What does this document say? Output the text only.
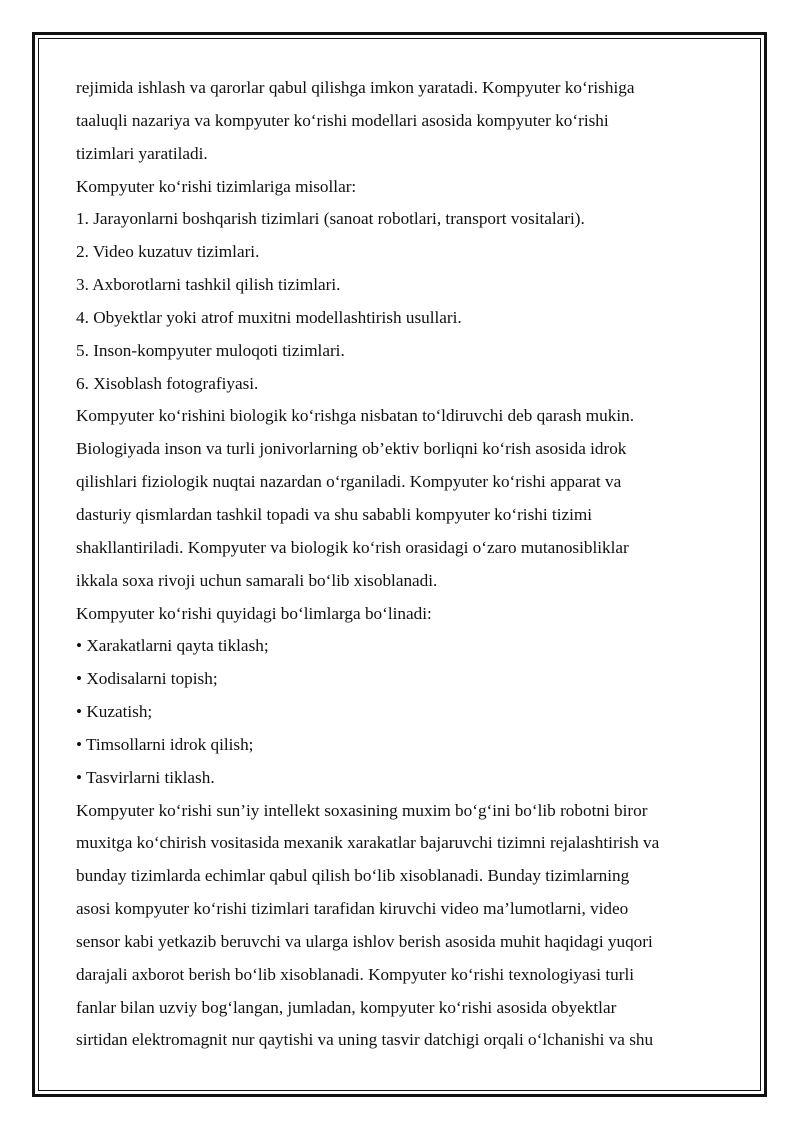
rejimida ishlash va qarorlar qabul qilishga imkon yaratadi. Kompyuter ko‘rishiga
taaluqli nazariya va kompyuter ko‘rishi modellari asosida kompyuter ko‘rishi
tizimlari yaratiladi.
Kompyuter ko‘rishi tizimlariga misollar:
1. Jarayonlarni boshqarish tizimlari (sanoat robotlari, transport vositalari).
2. Video kuzatuv tizimlari.
3. Axborotlarni tashkil qilish tizimlari.
4. Obyektlar yoki atrof muxitni modellashtirish usullari.
5. Inson-kompyuter muloqoti tizimlari.
6. Xisoblash fotografiyasi.
Kompyuter ko‘rishini biologik ko‘rishga nisbatan to‘ldiruvchi deb qarash mukin.
Biologiyada inson va turli jonivorlarning ob’ektiv borliqni ko‘rish asosida idrok
qilishlari fiziologik nuqtai nazardan o‘rganiladi. Kompyuter ko‘rishi apparat va
dasturiy qismlardan tashkil topadi va shu sababli kompyuter ko‘rishi tizimi
shakllantiriladi. Kompyuter va biologik ko‘rish orasidagi o‘zaro mutanosibliklar
ikkala soxa rivoji uchun samarali bo‘lib xisoblanadi.
Kompyuter ko‘rishi quyidagi bo‘limlarga bo‘linadi:
• Xarakatlarni qayta tiklash;
• Xodisalarni topish;
• Kuzatish;
• Timsollarni idrok qilish;
• Tasvirlarni tiklash.
Kompyuter ko‘rishi sun’iy intellekt soxasining muxim bo‘g‘ini bo‘lib robotni biror
muxitga ko‘chirish vositasida mexanik xarakatlar bajaruvchi tizimni rejalashtirish va
bunday tizimlarda echimlar qabul qilish bo‘lib xisoblanadi. Bunday tizimlarning
asosi kompyuter ko‘rishi tizimlari tarafidan kiruvchi video ma’lumotlarni, video
sensor kabi yetkazib beruvchi va ularga ishlov berish asosida muhit haqidagi yuqori
darajali axborot berish bo‘lib xisoblanadi. Kompyuter ko‘rishi texnologiyasi turli
fanlar bilan uzviy bog‘langan, jumladan, kompyuter ko‘rishi asosida obyektlar
sirtidan elektromagnit nur qaytishi va uning tasvir datchigi orqali o‘lchanishi va shu
